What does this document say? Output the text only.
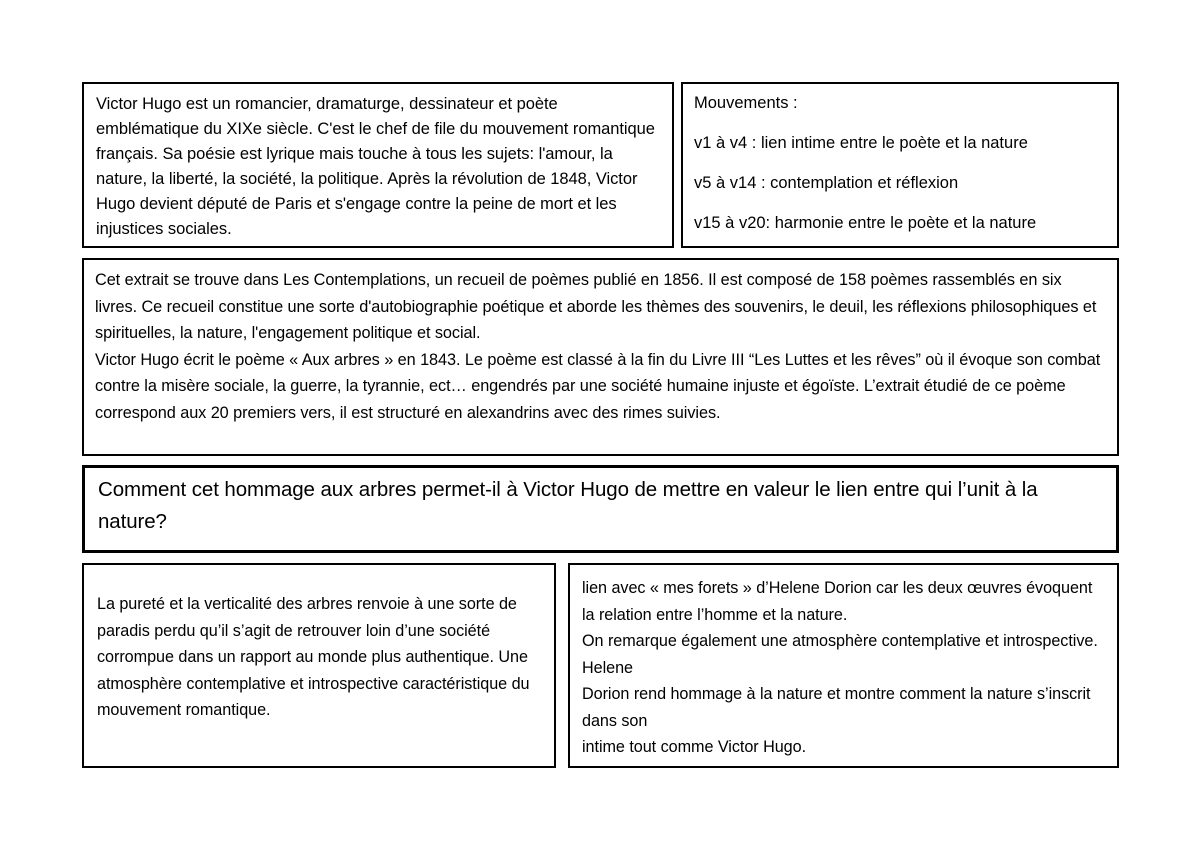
Victor Hugo est un romancier, dramaturge, dessinateur et poète emblématique du XIXe siècle. C'est le chef de file du mouvement romantique français. Sa poésie est lyrique mais touche à tous les sujets: l'amour, la nature, la liberté, la société, la politique. Après la révolution de 1848, Victor Hugo devient député de Paris et s'engage contre la peine de mort et les injustices sociales.

Mouvements :

v1 à v4 : lien intime entre le poète et la nature

v5 à v14 : contemplation et réflexion

v15 à v20: harmonie entre le poète et la nature

Cet extrait se trouve dans Les Contemplations, un recueil de poèmes publié en 1856. Il est composé de 158 poèmes rassemblés en six livres. Ce recueil constitue une sorte d'autobiographie poétique et aborde les thèmes des souvenirs, le deuil, les réflexions philosophiques et spirituelles, la nature, l'engagement politique et social.

Victor Hugo écrit le poème « Aux arbres » en 1843. Le poème est classé à la fin du Livre III “Les Luttes et les rêves” où il évoque son combat contre la misère sociale, la guerre, la tyrannie, ect… engendrés par une société humaine injuste et égoïste. L’extrait étudié de ce poème correspond aux 20 premiers vers, il est structuré en alexandrins avec des rimes suivies.

Comment cet hommage aux arbres permet-il à Victor Hugo de mettre en valeur le lien entre qui l’unit à la nature?

La pureté et la verticalité des arbres renvoie à une sorte de paradis perdu qu’il s’agit de retrouver loin d’une société corrompue dans un rapport au monde plus authentique. Une atmosphère contemplative et introspective caractéristique du mouvement romantique.

lien avec « mes forets » d’Helene Dorion car les deux œuvres évoquent la relation entre l’homme et la nature.

On remarque également une atmosphère contemplative et introspective. Helene

Dorion rend hommage à la nature et montre comment la nature s’inscrit dans son

intime tout comme Victor Hugo.
